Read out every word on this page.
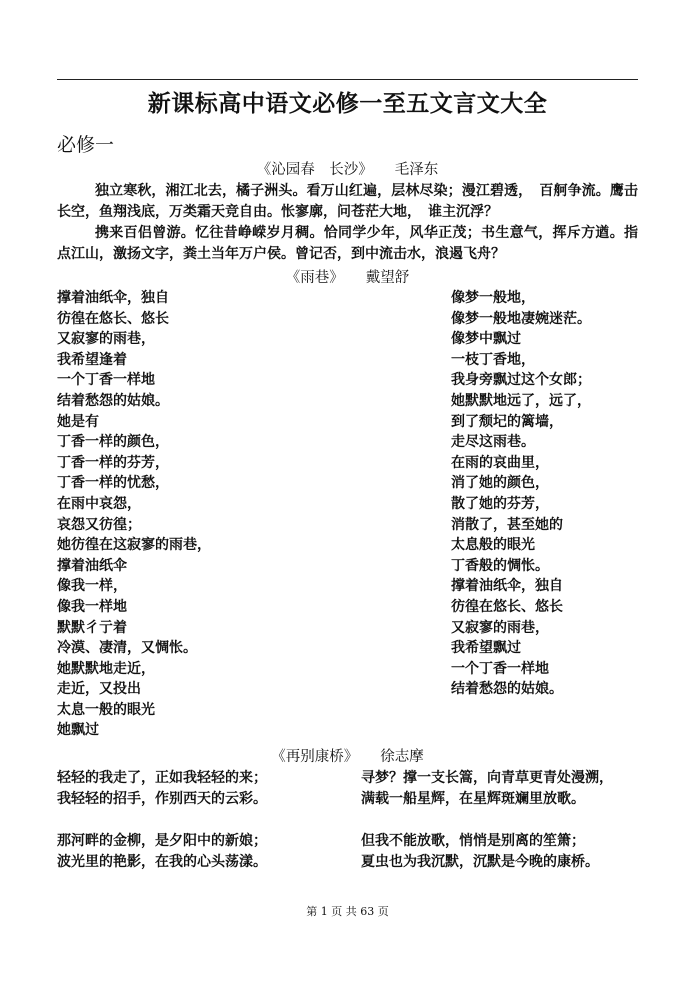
新课标高中语文必修一至五文言文大全
必修一
《沁园春　长沙》 毛泽东

独立寒秋，湘江北去，橘子洲头。看万山红遍，层林尽染；漫江碧透，　百舸争流。鹰击长空，鱼翔浅底，万类霜天竞自由。怅寥廓，问苍茫大地，　谁主沉浮？

携来百侣曾游。忆往昔峥嵘岁月稠。恰同学少年，风华正茂；书生意气，挥斥方遒。指点江山，激扬文字，粪土当年万户侯。曾记否，到中流击水，浪遏飞舟？

《雨巷》 戴望舒
撑着油纸伞，独自
彷徨在悠长、悠长
又寂寥的雨巷，
我希望逢着
一个丁香一样地
结着愁怨的姑娘。
她是有
丁香一样的颜色，
丁香一样的芬芳，
丁香一样的忧愁，
在雨中哀怨，
哀怨又彷徨；
她彷徨在这寂寥的雨巷，
撑着油纸伞
像我一样，
像我一样地
默默彳亍着
冷漠、凄清，又惆怅。
她默默地走近，
走近，又投出
太息一般的眼光
她飘过
像梦一般地，
像梦一般地凄婉迷茫。
像梦中飘过
一枝丁香地，
我身旁飘过这个女郎；
她默默地远了，远了，
到了颓圮的篱墙，
走尽这雨巷。
在雨的哀曲里，
消了她的颜色，
散了她的芬芳，
消散了，甚至她的
太息般的眼光
丁香般的惆怅。
撑着油纸伞，独自
彷徨在悠长、悠长
又寂寥的雨巷，
我希望飘过
一个丁香一样地
结着愁怨的姑娘。
《再别康桥》 徐志摩
轻轻的我走了，正如我轻轻的来；
我轻轻的招手，作别西天的云彩。
那河畔的金柳，是夕阳中的新娘；
波光里的艳影，在我的心头荡漾。
寻梦？撑一支长篙，向青草更青处漫溯，
满载一船星辉，在星辉斑斓里放歌。
但我不能放歌，悄悄是别离的笙箫；
夏虫也为我沉默，沉默是今晚的康桥。
第 1 页 共 63 页
